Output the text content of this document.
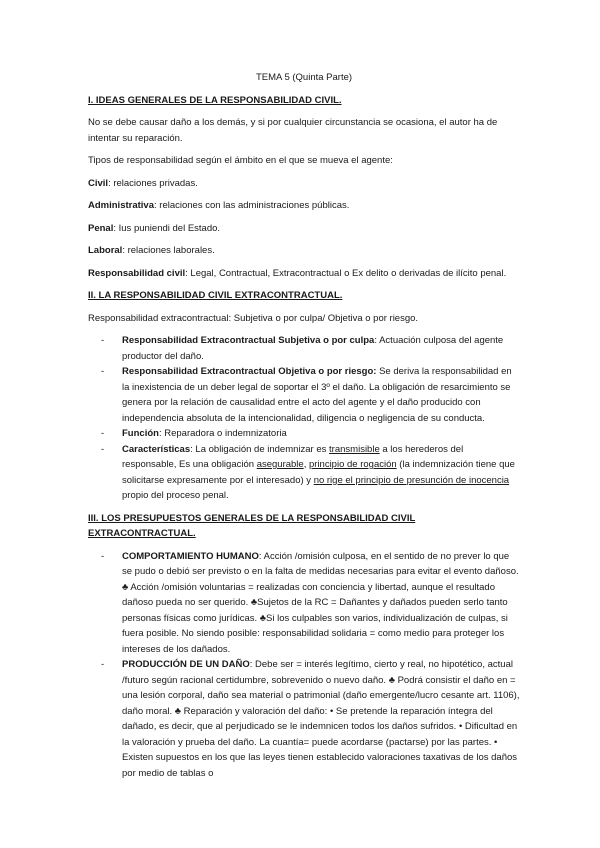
TEMA 5 (Quinta Parte)

I. IDEAS GENERALES DE LA RESPONSABILIDAD CIVIL.

No se debe causar daño a los demás, y si por cualquier circunstancia se ocasiona, el autor ha de intentar su reparación.

Tipos de responsabilidad según el ámbito en el que se mueva el agente:

Civil: relaciones privadas.

Administrativa: relaciones con las administraciones públicas.

Penal: Ius puniendi del Estado.

Laboral: relaciones laborales.

Responsabilidad civil: Legal, Contractual, Extracontractual o Ex delito o derivadas de ilícito penal.

II. LA RESPONSABILIDAD CIVIL EXTRACONTRACTUAL.

Responsabilidad extracontractual: Subjetiva o por culpa/ Objetiva o por riesgo.

- Responsabilidad Extracontractual Subjetiva o por culpa: Actuación culposa del agente productor del daño.
- Responsabilidad Extracontractual Objetiva o por riesgo: Se deriva la responsabilidad en la inexistencia de un deber legal de soportar el 3º el daño. La obligación de resarcimiento se genera por la relación de causalidad entre el acto del agente y el daño producido con independencia absoluta de la intencionalidad, diligencia o negligencia de su conducta.
- Función: Reparadora o indemnizatoria
- Características: La obligación de indemnizar es transmisible a los herederos del responsable, Es una obligación asegurable, principio de rogación (la indemnización tiene que solicitarse expresamente por el interesado) y no rige el principio de presunción de inocencia propio del proceso penal.

III. LOS PRESUPUESTOS GENERALES DE LA RESPONSABILIDAD CIVIL EXTRACONTRACTUAL.

- COMPORTAMIENTO HUMANO: Acción /omisión culposa, en el sentido de no prever lo que se pudo o debió ser previsto o en la falta de medidas necesarias para evitar el evento dañoso. ♣ Acción /omisión voluntarias = realizadas con conciencia y libertad, aunque el resultado dañoso pueda no ser querido. ♣Sujetos de la RC = Dañantes y dañados pueden serlo tanto personas físicas como jurídicas. ♣Si los culpables son varios, individualización de culpas, si fuera posible. No siendo posible: responsabilidad solidaria = como medio para proteger los intereses de los dañados.
- PRODUCCIÓN DE UN DAÑO: Debe ser = interés legítimo, cierto y real, no hipotético, actual /futuro según racional certidumbre, sobrevenido o nuevo daño. ♣ Podrá consistir el daño en = una lesión corporal, daño sea material o patrimonial (daño emergente/lucro cesante art. 1106), daño moral. ♣ Reparación y valoración del daño: • Se pretende la reparación íntegra del dañado, es decir, que al perjudicado se le indemnicen todos los daños sufridos. • Dificultad en la valoración y prueba del daño. La cuantía= puede acordarse (pactarse) por las partes. • Existen supuestos en los que las leyes tienen establecido valoraciones taxativas de los daños por medio de tablas o
